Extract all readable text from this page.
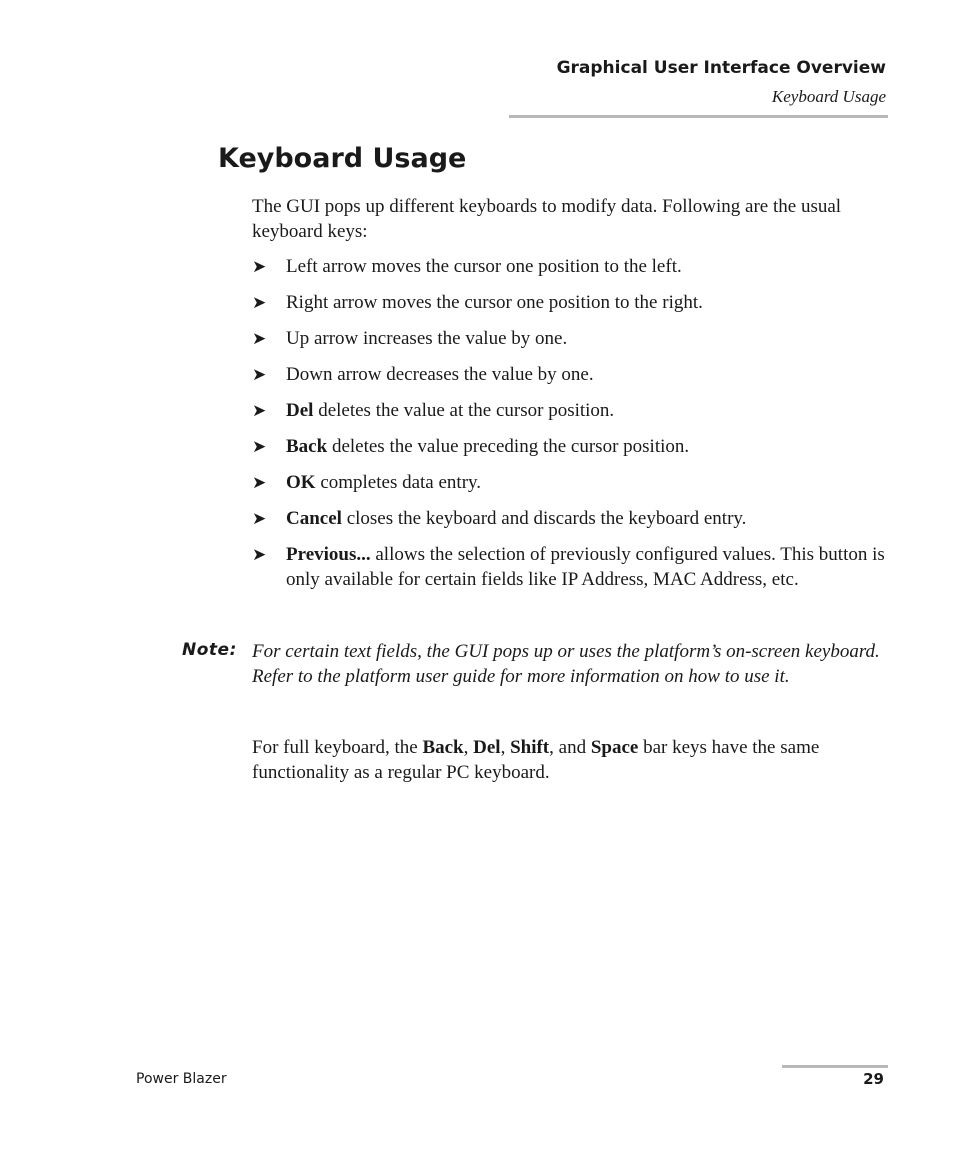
Graphical User Interface Overview
Keyboard Usage
Keyboard Usage

The GUI pops up different keyboards to modify data. Following are the usual keyboard keys:

➤ Left arrow moves the cursor one position to the left.
➤ Right arrow moves the cursor one position to the right.
➤ Up arrow increases the value by one.
➤ Down arrow decreases the value by one.
➤ Del deletes the value at the cursor position.
➤ Back deletes the value preceding the cursor position.
➤ OK completes data entry.
➤ Cancel closes the keyboard and discards the keyboard entry.
➤ Previous... allows the selection of previously configured values. This button is only available for certain fields like IP Address, MAC Address, etc.
Note: For certain text fields, the GUI pops up or uses the platform’s on-screen keyboard. Refer to the platform user guide for more information on how to use it.

For full keyboard, the Back, Del, Shift, and Space bar keys have the same functionality as a regular PC keyboard.

Power Blazer	29
